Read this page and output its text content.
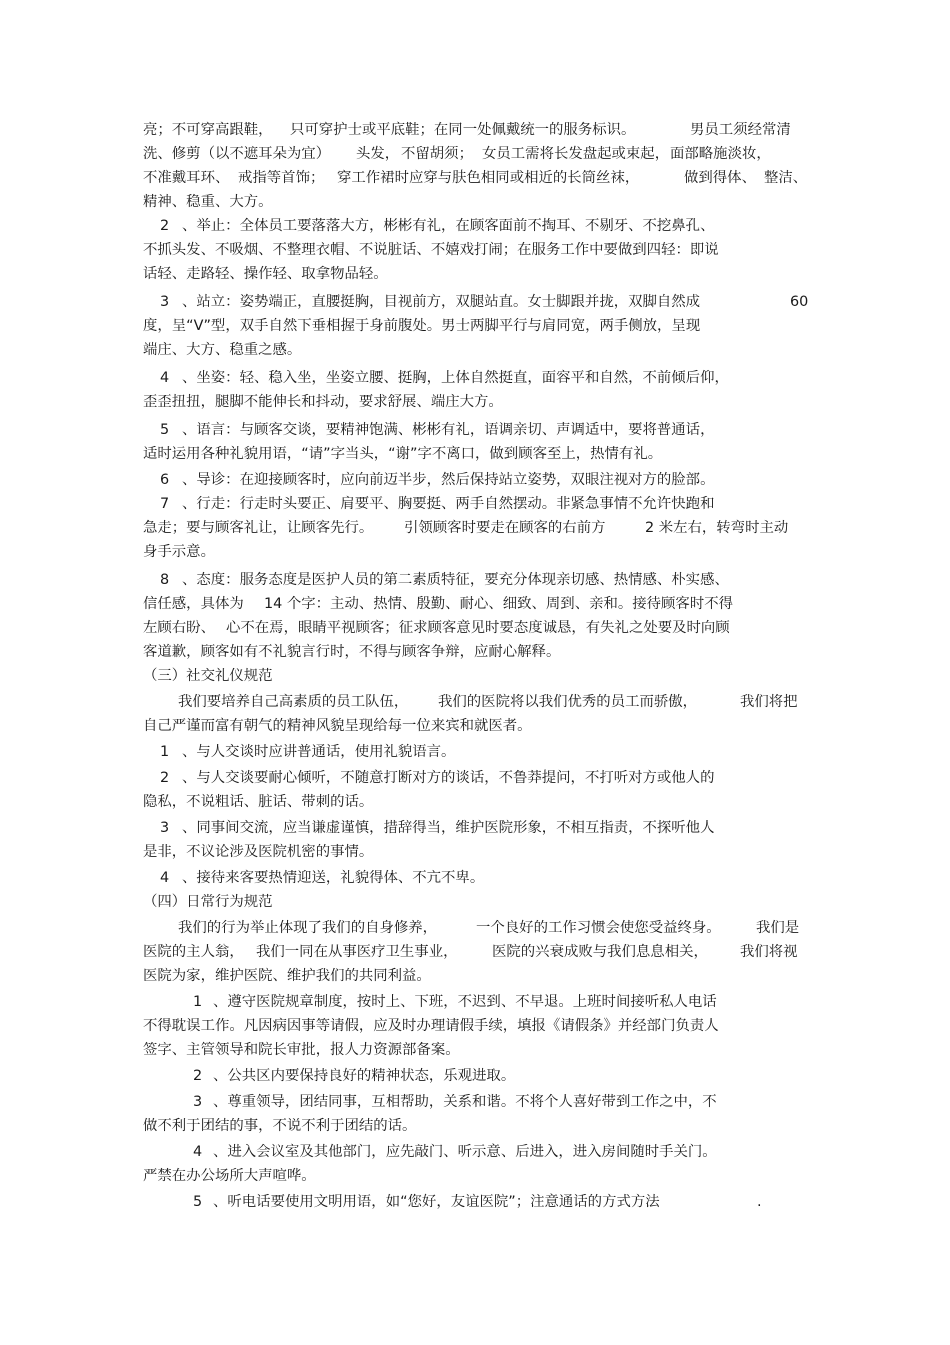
亮；不可穿高跟鞋， 只可穿护士或平底鞋；在同一处佩戴统一的服务标识。	男员工须经常清
洗、修剪（以不遮耳朵为宜） 头发， 不留胡须； 女员工需将长发盘起或束起， 面部略施淡妆，
不准戴耳环、 戒指等首饰； 穿工作裙时应穿与肤色相同或相近的长筒丝袜，	做到得体、 整洁、
精神、稳重、大方。
2 、举止：全体员工要落落大方，彬彬有礼，在顾客面前不掏耳、不剔牙、不挖鼻孔、
不抓头发、不吸烟、不整理衣帽、不说脏话、不嬉戏打闹；在服务工作中要做到四轻：即说
话轻、走路轻、操作轻、取拿物品轻。
3 、站立：姿势端正，直腰挺胸，目视前方，双腿站直。女士脚跟并拢，双脚自然成	60
度，呈“V”型，双手自然下垂相握于身前腹处。男士两脚平行与肩同宽，两手侧放，呈现
端庄、大方、稳重之感。
4 、坐姿：轻、稳入坐，坐姿立腰、挺胸，上体自然挺直，面容平和自然，不前倾后仰，
歪歪扭扭，腿脚不能伸长和抖动，要求舒展、端庄大方。
5 、语言：与顾客交谈，要精神饱满、彬彬有礼，语调亲切、声调适中，要将普通话，
适时运用各种礼貌用语，“请”字当头，“谢”字不离口，做到顾客至上，热情有礼。
6 、导诊：在迎接顾客时，应向前迈半步，然后保持站立姿势，双眼注视对方的脸部。
7 、行走：行走时头要正、肩要平、胸要挺、两手自然摆动。非紧急事情不允许快跑和
急走；要与顾客礼让，让顾客先行。 引领顾客时要走在顾客的右前方	2 米左右，转弯时主动
身手示意。
8 、态度：服务态度是医护人员的第二素质特征，要充分体现亲切感、热情感、朴实感、
信任感，具体为 14 个字：主动、热情、殷勤、耐心、细致、周到、亲和。接待顾客时不得
左顾右盼、 心不在焉，眼睛平视顾客；征求顾客意见时要态度诚恳，有失礼之处要及时向顾
客道歉，顾客如有不礼貌言行时，不得与顾客争辩，应耐心解释。
（三）社交礼仪规范
我们要培养自己高素质的员工队伍， 我们的医院将以我们优秀的员工而骄傲，	我们将把
自己严谨而富有朝气的精神风貌呈现给每一位来宾和就医者。
1 、与人交谈时应讲普通话，使用礼貌语言。
2 、与人交谈要耐心倾听，不随意打断对方的谈话，不鲁莽提问，不打听对方或他人的
隐私，不说粗话、脏话、带刺的话。
3 、同事间交流，应当谦虚谨慎，措辞得当，维护医院形象，不相互指责，不探听他人
是非，不议论涉及医院机密的事情。
4 、接待来客要热情迎送，礼貌得体、不亢不卑。
（四）日常行为规范
我们的行为举止体现了我们的自身修养，	一个良好的工作习惯会使您受益终身。 我们是
医院的主人翁， 我们一同在从事医疗卫生事业， 医院的兴衰成败与我们息息相关， 我们将视
医院为家，维护医院、维护我们的共同利益。
1 、遵守医院规章制度，按时上、下班，不迟到、不早退。上班时间接听私人电话
不得耽误工作。凡因病因事等请假，应及时办理请假手续，填报《请假条》并经部门负责人
签字、主管领导和院长审批，报人力资源部备案。
2 、公共区内要保持良好的精神状态，乐观进取。
3 、尊重领导，团结同事，互相帮助，关系和谐。不将个人喜好带到工作之中，不
做不利于团结的事，不说不利于团结的话。
4 、进入会议室及其他部门，应先敲门、听示意、后进入，进入房间随时手关门。
严禁在办公场所大声喧哗。
5 、听电话要使用文明用语，如“您好，友谊医院”；注意通话的方式方法	.
